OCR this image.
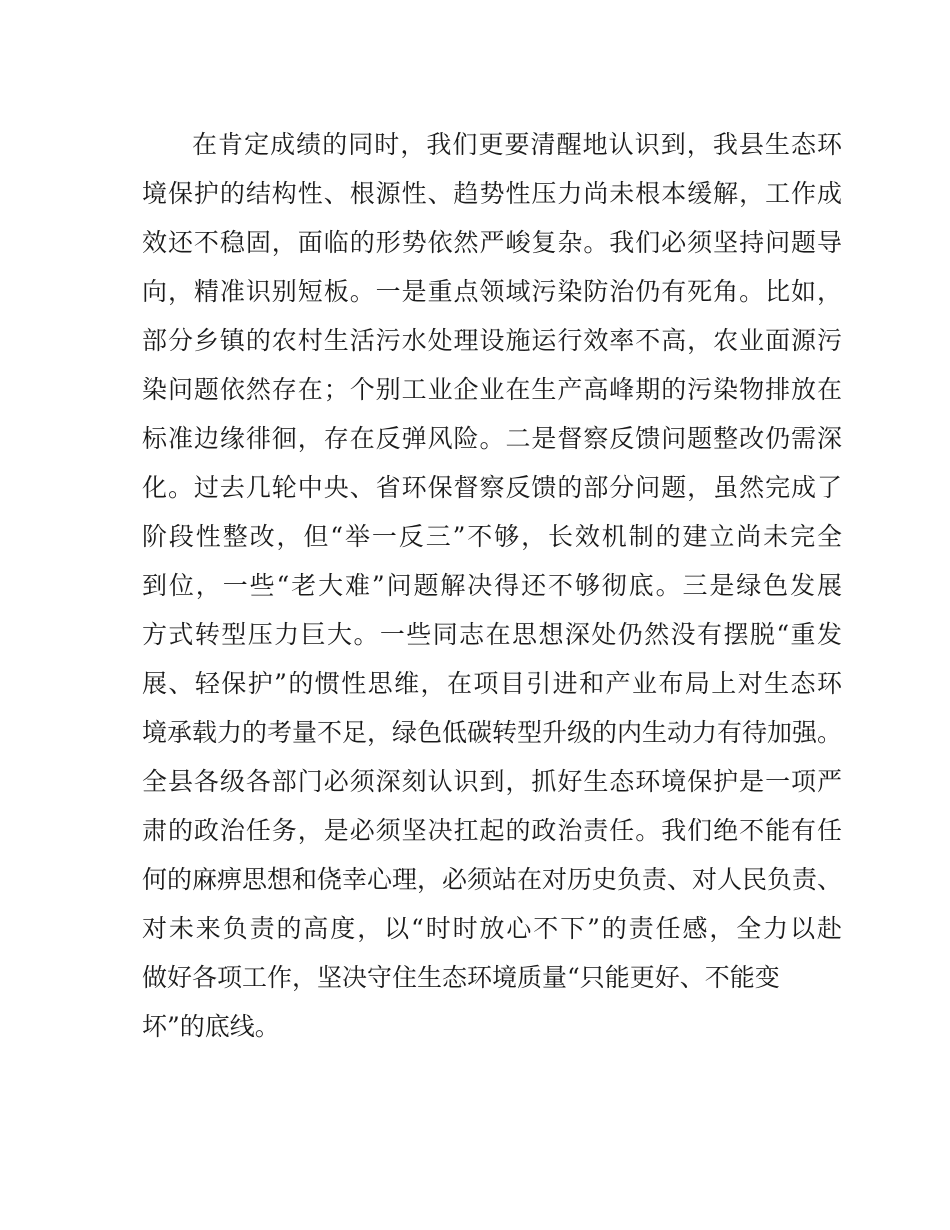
在肯定成绩的同时，我们更要清醒地认识到，我县生态环
境保护的结构性、根源性、趋势性压力尚未根本缓解，工作成
效还不稳固，面临的形势依然严峻复杂。我们必须坚持问题导
向，精准识别短板。一是重点领域污染防治仍有死角。比如，
部分乡镇的农村生活污水处理设施运行效率不高，农业面源污
染问题依然存在；个别工业企业在生产高峰期的污染物排放在
标准边缘徘徊，存在反弹风险。二是督察反馈问题整改仍需深
化。过去几轮中央、省环保督察反馈的部分问题，虽然完成了
阶段性整改，但“举一反三”不够，长效机制的建立尚未完全
到位，一些“老大难”问题解决得还不够彻底。三是绿色发展
方式转型压力巨大。一些同志在思想深处仍然没有摆脱“重发
展、轻保护”的惯性思维，在项目引进和产业布局上对生态环
境承载力的考量不足，绿色低碳转型升级的内生动力有待加强。
全县各级各部门必须深刻认识到，抓好生态环境保护是一项严
肃的政治任务，是必须坚决扛起的政治责任。我们绝不能有任
何的麻痹思想和侥幸心理，必须站在对历史负责、对人民负责、
对未来负责的高度，以“时时放心不下”的责任感，全力以赴
做好各项工作，坚决守住生态环境质量“只能更好、不能变
坏”的底线。
